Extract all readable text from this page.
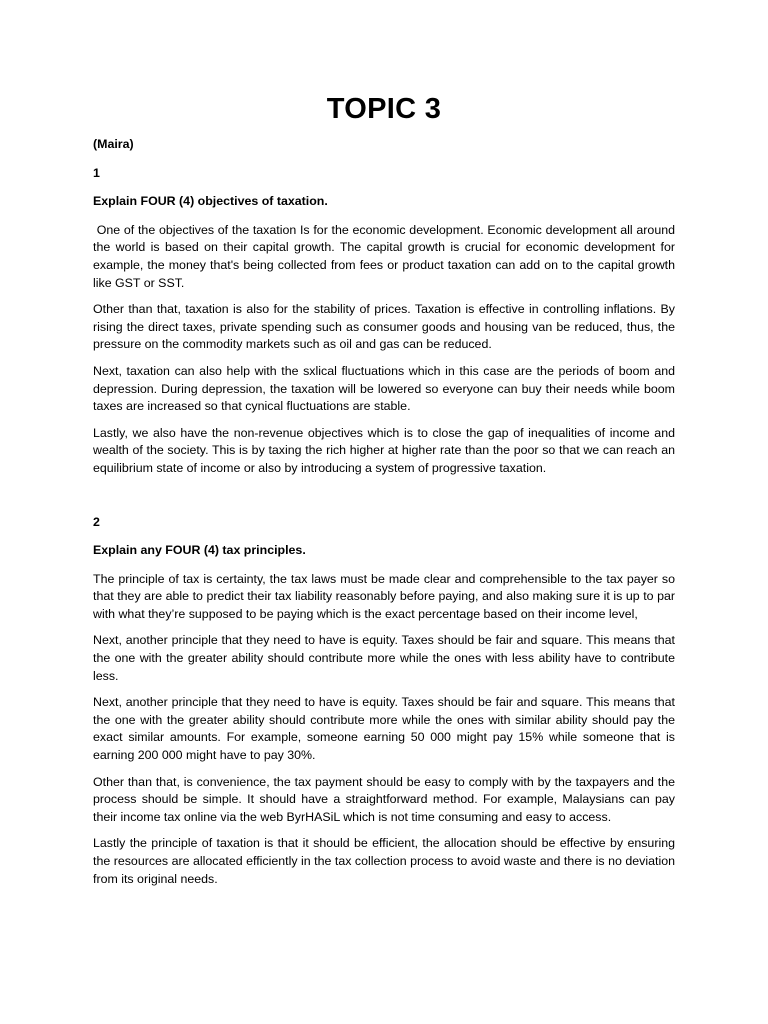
TOPIC 3

(Maira)

1

Explain FOUR (4) objectives of taxation.

One of the objectives of the taxation Is for the economic development. Economic development all around the world is based on their capital growth. The capital growth is crucial for economic development for example, the money that's being collected from fees or product taxation can add on to the capital growth like GST or SST.

Other than that, taxation is also for the stability of prices. Taxation is effective in controlling inflations. By rising the direct taxes, private spending such as consumer goods and housing van be reduced, thus, the pressure on the commodity markets such as oil and gas can be reduced.

Next, taxation can also help with the sxlical fluctuations which in this case are the periods of boom and depression. During depression, the taxation will be lowered so everyone can buy their needs while boom taxes are increased so that cynical fluctuations are stable.

Lastly, we also have the non-revenue objectives which is to close the gap of inequalities of income and wealth of the society. This is by taxing the rich higher at higher rate than the poor so that we can reach an equilibrium state of income or also by introducing a system of progressive taxation.

2

Explain any FOUR (4) tax principles.

The principle of tax is certainty, the tax laws must be made clear and comprehensible to the tax payer so that they are able to predict their tax liability reasonably before paying, and also making sure it is up to par with what they’re supposed to be paying which is the exact percentage based on their income level,

Next, another principle that they need to have is equity. Taxes should be fair and square. This means that the one with the greater ability should contribute more while the ones with less ability have to contribute less.

Next, another principle that they need to have is equity. Taxes should be fair and square. This means that the one with the greater ability should contribute more while the ones with similar ability should pay the exact similar amounts. For example, someone earning 50 000 might pay 15% while someone that is earning 200 000 might have to pay 30%.

Other than that, is convenience, the tax payment should be easy to comply with by the taxpayers and the process should be simple. It should have a straightforward method. For example, Malaysians can pay their income tax online via the web ByrHASiL which is not time consuming and easy to access.

Lastly the principle of taxation is that it should be efficient, the allocation should be effective by ensuring the resources are allocated efficiently in the tax collection process to avoid waste and there is no deviation from its original needs.
